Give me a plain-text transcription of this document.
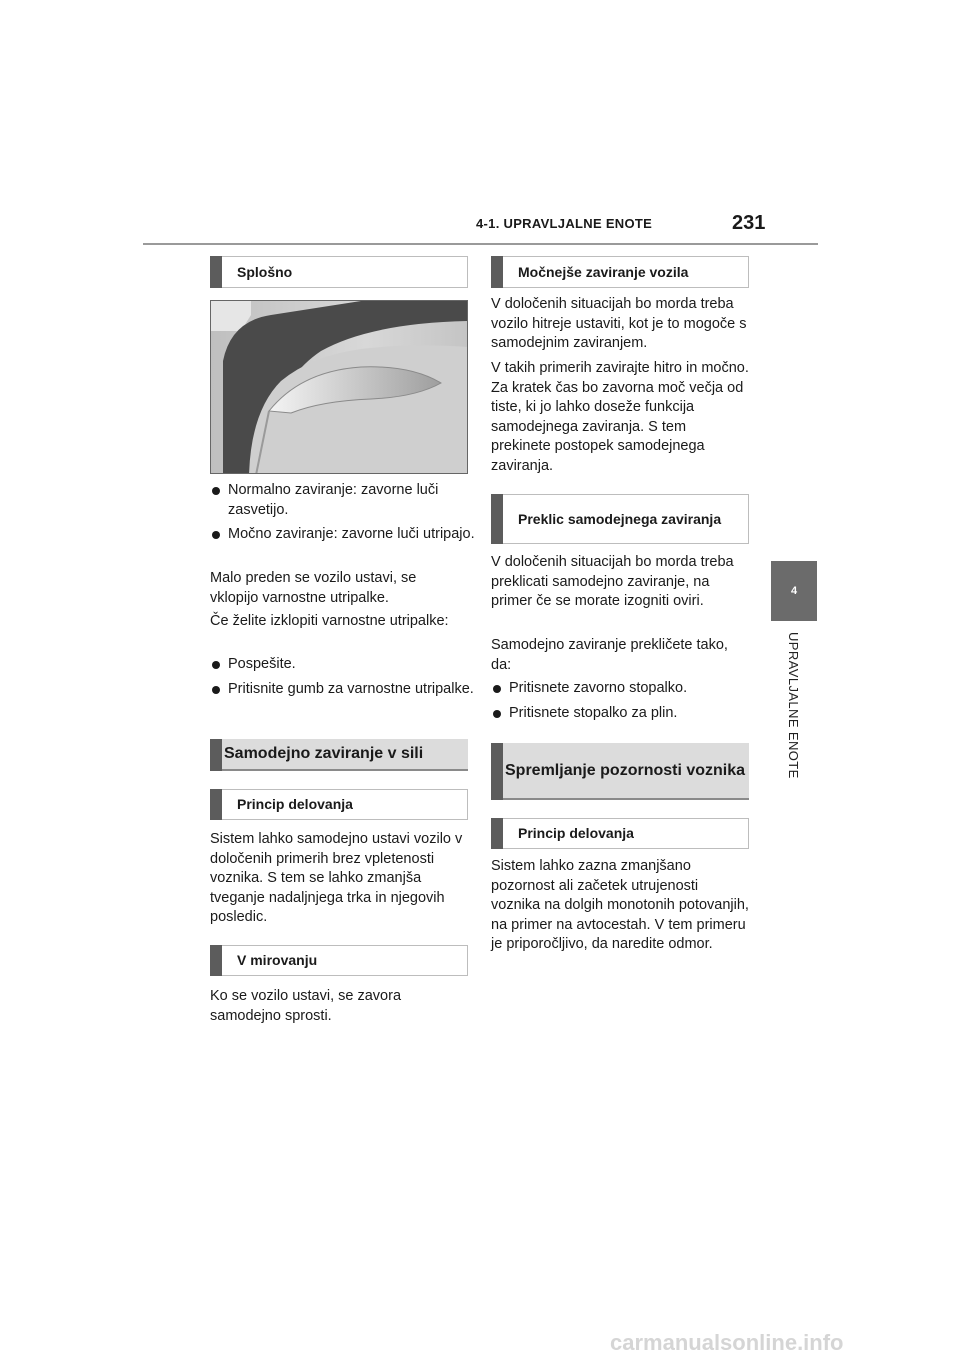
4-1. UPRAVLJALNE ENOTE	231
4
UPRAVLJALNE ENOTE
Splošno

Normalno zaviranje: zavorne luči zasvetijo.

Močno zaviranje: zavorne luči utripajo.

Malo preden se vozilo ustavi, se vklopijo varnostne utripalke.

Če želite izklopiti varnostne utripalke:

Pospešite.

Pritisnite gumb za varnostne utripalke.

Samodejno zaviranje v sili
Princip delovanja

Sistem lahko samodejno ustavi vozilo v določenih primerih brez vpletenosti voznika. S tem se lahko zmanjša tveganje nadaljnjega trka in njegovih posledic.

V mirovanju

Ko se vozilo ustavi, se zavora samodejno sprosti.

Močnejše zaviranje vozila

V določenih situacijah bo morda treba vozilo hitreje ustaviti, kot je to mogoče s samodejnim zaviranjem.

V takih primerih zavirajte hitro in močno. Za kratek čas bo zavorna moč večja od tiste, ki jo lahko doseže funkcija samodejnega zaviranja. S tem prekinete postopek samodejnega zaviranja.

Preklic samodejnega zaviranja

V določenih situacijah bo morda treba preklicati samodejno zaviranje, na primer če se morate izogniti oviri.

Samodejno zaviranje prekličete tako, da:

Pritisnete zavorno stopalko.

Pritisnete stopalko za plin.

Spremljanje pozornosti voznika
Princip delovanja

Sistem lahko zazna zmanjšano pozornost ali začetek utrujenosti voznika na dolgih monotonih potovanjih, na primer na avtocestah. V tem primeru je priporočljivo, da naredite odmor.

carmanualsonline.info
